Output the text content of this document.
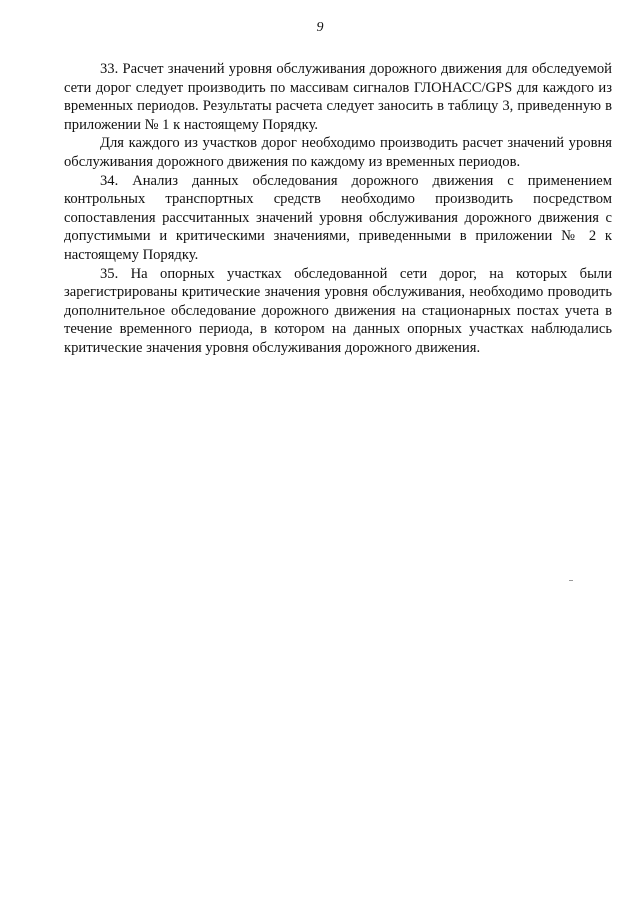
9

33. Расчет значений уровня обслуживания дорожного движения для обследуемой сети дорог следует производить по массивам сигналов ГЛОНАСС/GPS для каждого из временных периодов. Результаты расчета следует заносить в таблицу 3, приведенную в приложении № 1 к настоящему Порядку.

Для каждого из участков дорог необходимо производить расчет значений уровня обслуживания дорожного движения по каждому из временных периодов.

34. Анализ данных обследования дорожного движения с применением контрольных транспортных средств необходимо производить посредством сопоставления рассчитанных значений уровня обслуживания дорожного движения с допустимыми и критическими значениями, приведенными в приложении № 2 к настоящему Порядку.

35. На опорных участках обследованной сети дорог, на которых были зарегистрированы критические значения уровня обслуживания, необходимо проводить дополнительное обследование дорожного движения на стационарных постах учета в течение временного периода, в котором на данных опорных участках наблюдались критические значения уровня обслуживания дорожного движения.
